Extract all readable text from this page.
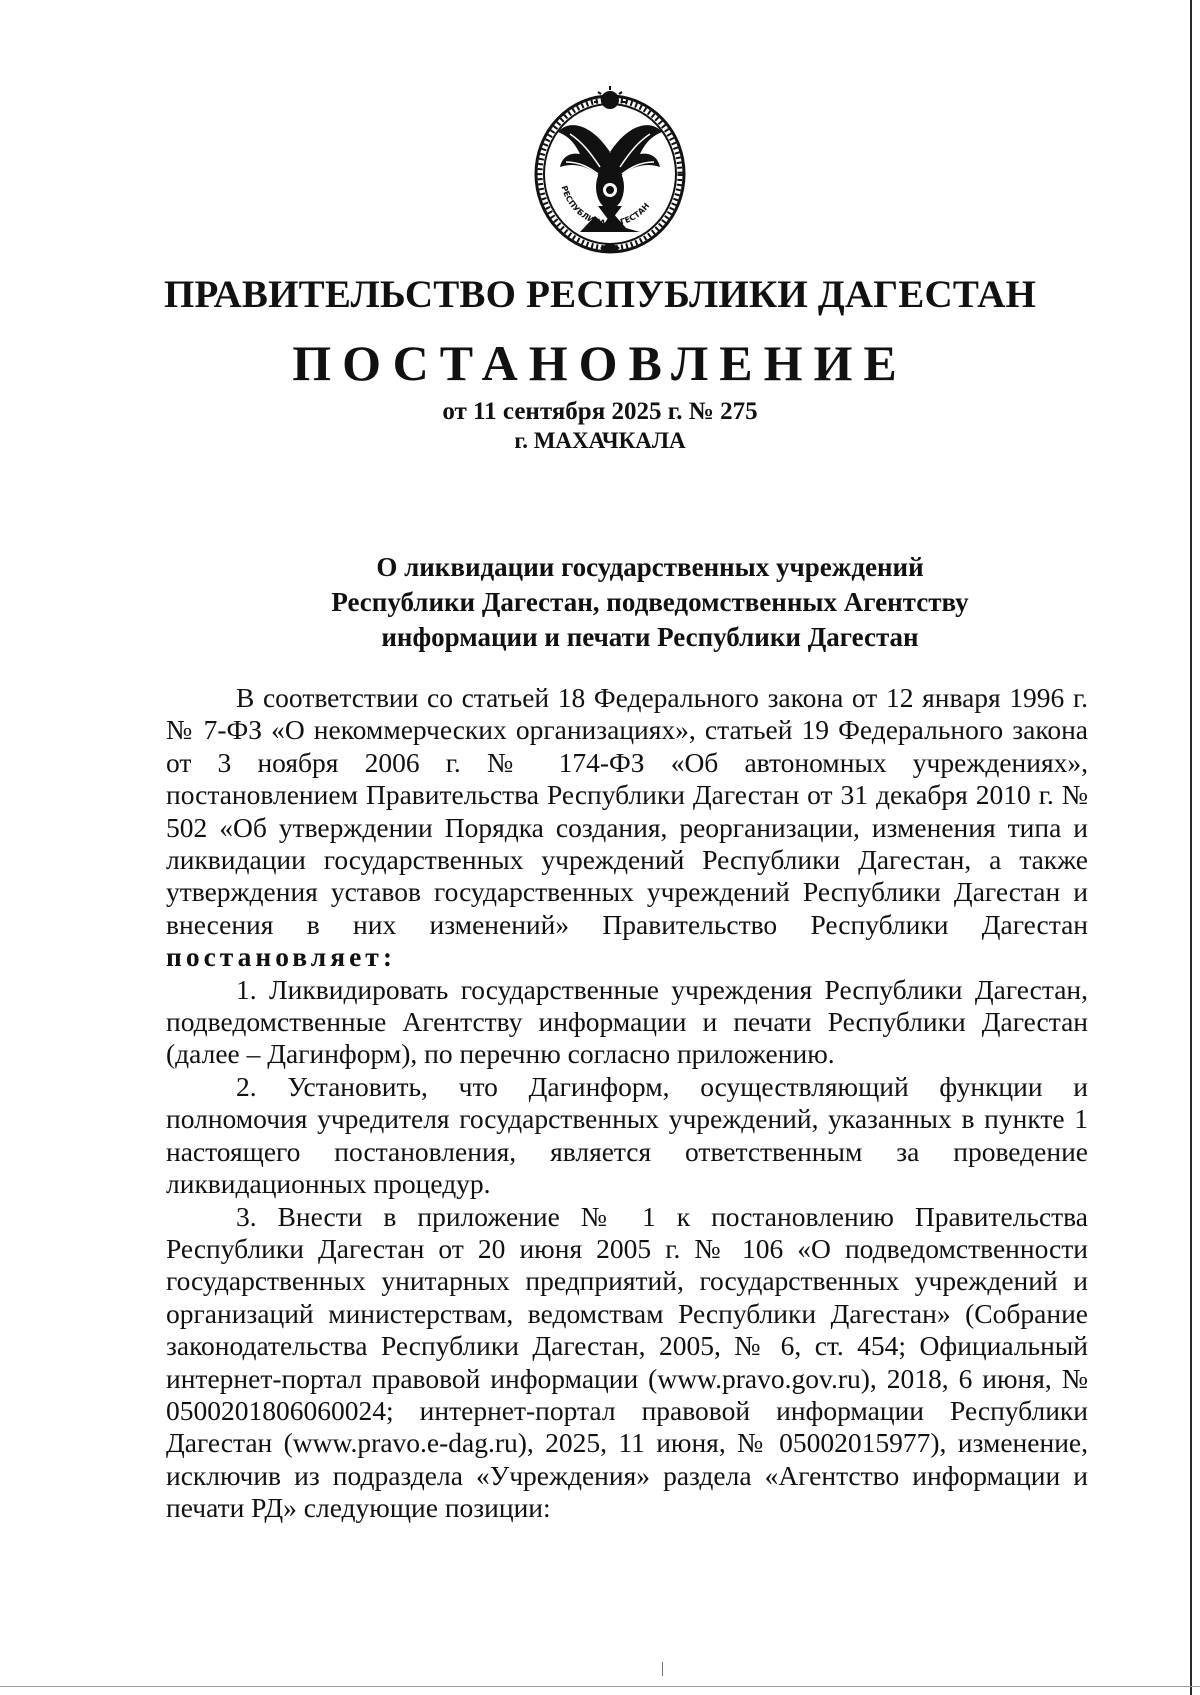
РЕСПУБЛИКА ДАГЕСТАН
ПРАВИТЕЛЬСТВО РЕСПУБЛИКИ ДАГЕСТАН
ПОСТАНОВЛЕНИЕ
от 11 сентября 2025 г. № 275
г. МАХАЧКАЛА
О ликвидации государственных учреждений
Республики Дагестан, подведомственных Агентству
информации и печати Республики Дагестан

В соответствии со статьей 18 Федерального закона от 12 января 1996 г. № 7-ФЗ «О некоммерческих организациях», статьей 19 Федерального закона от 3 ноября 2006 г. № 174-ФЗ «Об автономных учреждениях», постановлением Правительства Республики Дагестан от 31 декабря 2010 г. № 502 «Об утверждении Порядка создания, реорганизации, изменения типа и ликвидации государственных учреждений Республики Дагестан, а также утверждения уставов государственных учреждений Республики Дагестан и внесения в них изменений» Правительство Республики Дагестан постановляет:

1. Ликвидировать государственные учреждения Республики Дагестан, подведомственные Агентству информации и печати Республики Дагестан (далее – Дагинформ), по перечню согласно приложению.

2. Установить, что Дагинформ, осуществляющий функции и полномочия учредителя государственных учреждений, указанных в пункте 1 настоящего постановления, является ответственным за проведение ликвидационных процедур.

3. Внести в приложение № 1 к постановлению Правительства Республики Дагестан от 20 июня 2005 г. № 106 «О подведомственности государственных унитарных предприятий, государственных учреждений и организаций министерствам, ведомствам Республики Дагестан» (Собрание законодательства Республики Дагестан, 2005, № 6, ст. 454; Официальный интернет-портал правовой информации (www.pravo.gov.ru), 2018, 6 июня, № 0500201806060024; интернет-портал правовой информации Республики Дагестан (www.pravo.e-dag.ru), 2025, 11 июня, № 05002015977), изменение, исключив из подраздела «Учреждения» раздела «Агентство информации и печати РД» следующие позиции:
